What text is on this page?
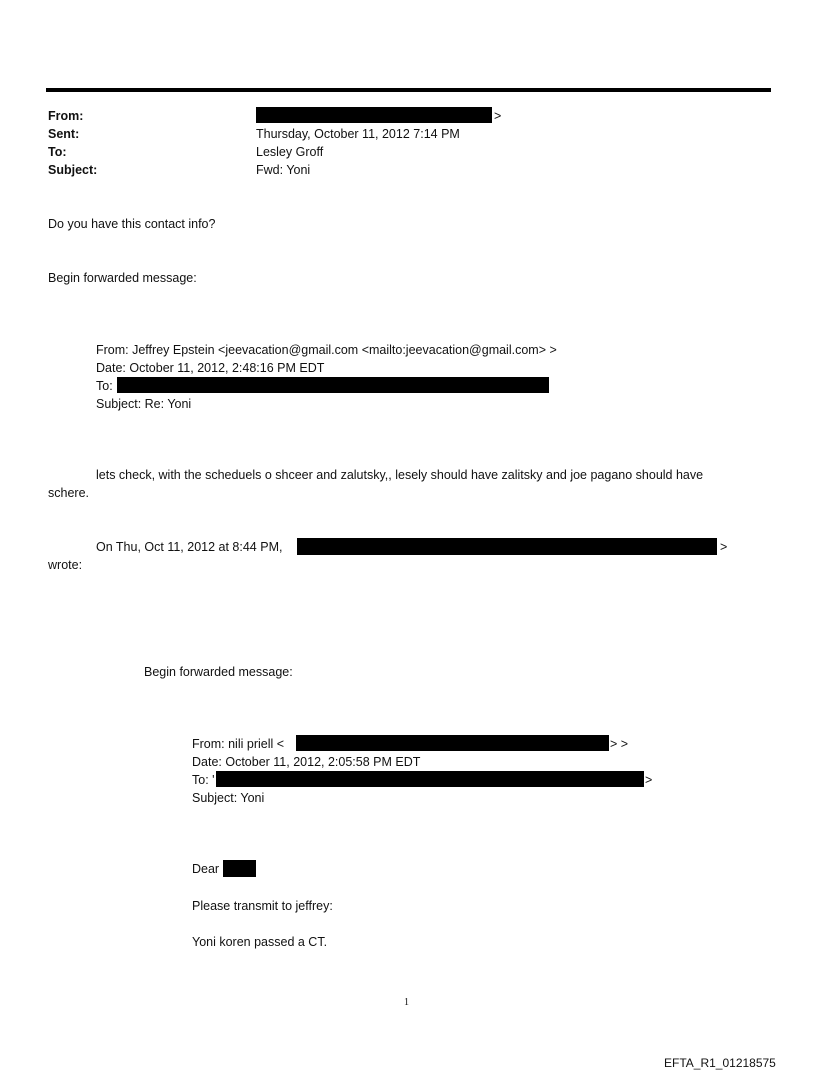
From:	>
Sent:	Thursday, October 11, 2012 7:14 PM
To:	Lesley Groff
Subject:	Fwd: Yoni
Do you have this contact info?
Begin forwarded message:
From: Jeffrey Epstein <jeevacation@gmail.com <mailto:jeevacation@gmail.com> >
Date: October 11, 2012, 2:48:16 PM EDT
To:
Subject: Re: Yoni
lets check, with the scheduels o shceer and zalutsky,, lesely should have zalitsky and joe pagano should have
schere.
On Thu, Oct 11, 2012 at 8:44 PM,	>
wrote:
Begin forwarded message:
From: nili priell <	> >
Date: October 11, 2012, 2:05:58 PM EDT
To: '	>
Subject: Yoni
Dear
Please transmit to jeffrey:
Yoni koren passed a CT.
1
EFTA_R1_01218575
